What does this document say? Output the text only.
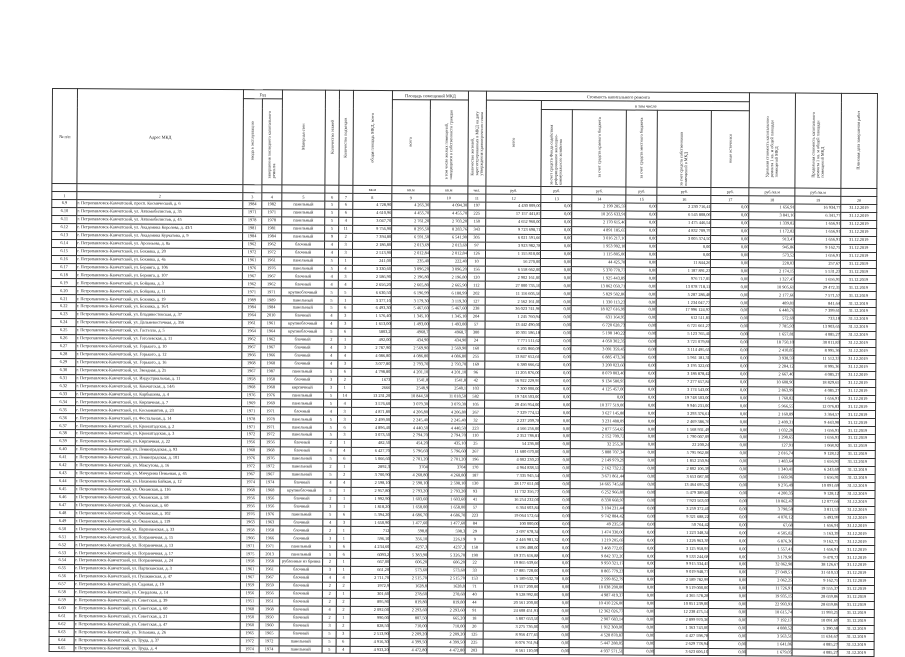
№ п/п	Адрес МКД	Год		Материал стен	Количество этажей	Количество подъездов	общая площадь МКД, всего	Площадь помещений МКД		Количество жителей, зарегистрированных в МКД на дату утверждения краткосрочного плана	Стоимость капитального ремонта						Удельная стоимость капитального ремонта 1 кв. м общей площади помещений МКД	Предельная стоимость капитального ремонта 1 кв. м общей площади помещений МКД	Плановая дата завершения работ
		ввода в эксплуатацию	завершения последнего капитального ремонта					всего	в том числе жилых помещений, находящихся в собственности граждан		всего	в том числе							
												за счет средств Фонда содействия реформированию жилищно-коммунального хозяйства	за счет средств краевого бюджета	за счет средств местного бюджета	за счет средств собственников помещений в МКД	иные источники			
							кв.м	кв.м	кв.м	чел.	руб.	руб.	руб.	руб.	руб.	руб.	руб./кв.м	руб./кв.м	
1	2	3	4	5	6	7	8	9	10	11	12	13	14	15	16	17	18	19	20
6.9	г. Петропавловск-Камчатский, просп. Космический, д. 6	1984	1982	панельный	5	6	4 728,90	4 265,30	4 094,30	197	4 430 009,00	0,00	2 199 285,59	0,00	2 230 716,41	0,00	1 656,91	16 934,77	31.12.2019
6.10	г. Петропавловск-Камчатский, ул. Автомобилистов, д. 35	1971	1971	панельный	5	6	4 610,96	4 455,70	4 455,70	225	17 157 441,87	0,00	10 265 633,91	0,00	6 545 808,06	0,00	3 841,16	6 341,77	31.12.2019
6.11	г. Петропавловск-Камчатский, ул. Автомобилистов, д. 45	1978	1978	панельный	5	4	3 047,70	2 761,20	2 703,20	150	4 652 960,00	0,00	2 170 615,46	0,00	1 475 446,54	0,00	1 339,82	1 656,91	31.12.2019
6.12	г. Петропавловск-Камчатский, ул. Академика Королева, д. 43/1	1981	1981	панельный	5	11	9 756,90	8 295,50	8 283,76	343	9 723 698,71	0,00	4 891 185,65	0,00	4 832 709,79	0,00	1 172,82	1 656,91	31.12.2019
6.13	г. Петропавловск-Камчатский, ул. Академика Курчатова, д. 9	1984	1984	панельный	9	2	7 394,80	6 591,50	6 541,90	305	6 021 591,66	0,00	3 016 217,16	0,00	3 005 374,50	0,00	913,47	1 656,91	31.12.2019
6.14	г. Петропавловск-Камчатский, ул. Арсеньева, д. 8а	1962	1962	блочный	4	3	2 186,80	2 013,69	2 013,69	97	3 923 982,78	0,00	1 953 992,18	0,00	0,00	0,00	945,86	9 162,75	31.12.2019
6.15	г. Петропавловск-Камчатский, ул. Бохняка, д. 20	1972	1972	блочный	4	3	2 513,90	2 012,84	2 012,84	126	1 155 810,00	0,00	1 115 805,00	0,00	0,00	0,00	573,52	1 656,91	31.12.2019
6.16	г. Петропавловск-Камчатский, ул. Бохняка, д. 4а	1961	1961	панельный	5	1	241,00	235,40	222,40	10	56 270,00	0,00	44 425,78	0,00	11 844,26	0,00	228,03	257,67	31.12.2019
6.17	г. Петропавловск-Камчатский, ул. Беринга, д. 106	1976	1976	панельный	5	4	3 330,60	3 096,20	3 096,20	156	6 558 662,00	0,00	5 370 770,77	0,00	1 187 891,23	0,00	2 174,15	5 531,23	31.12.2019
6.18	г. Петропавловск-Камчатский, ул. Беринга, д. 107	1967	1967	блочный	4	3	2 586,90	2 196,80	2 196,80	120	2 902 161,00	0,00	1 925 443,89	0,00	976 717,05	0,00	1 327,47	1 656,91	31.12.2019
6.19	г. Петропавловск-Камчатский, ул. Бойцова, д. 3	1962	1962	блочный	4	4	2 656,20	2 665,80	2 665,90	112	27 000 735,10	0,00	13 862 050,71	0,00	13 078 718,11	0,00	10 905,61	29 472,31	31.12.2019
6.20	г. Петропавловск-Камчатский, ул. Бойцова, д. 11	1971	1971	крупноблочный	5	5	6 630,50	6 196,99	6 188,99	202	11 116 605,56	0,00	5 829 582,86	0,00	5 287 286,48	0,00	2 177,66	7 571,57	31.12.2019
6.21	г. Петропавловск-Камчатский, ул. Бохняка, д. 19	1989	1989	панельный	5	1	3 377,10	3 179,30	3 119,30	127	2 562 161,00	0,00	1 330 113,23	0,00	1 234 047,77	0,00	489,81	841,64	31.12.2019
6.22	г. Петропавловск-Камчатский, ул. Бохняка, д. 16/1	1984	1984	панельный	5	6	6 493,30	5 467,60	5 467,60	238	36 023 741,96	0,00	18 027 616,99	0,00	17 996 124,97	0,00	6 448,76	7 399,61	31.12.2019
6.23	г. Петропавловск-Камчатский, ул. Владивостокская, д. 37	1964	2010	блочный	4	3	1 576,40	1 345,10	1 345,10	204	1 245 760,94	0,00	631 164,95	0,00	612 511,81	0,00	572,69	733,18	31.12.2019
6.24	г. Петропавловск-Камчатский, ул. Дальневосточная, д. 356	1961	1961	крупноблочный	4	3	1 613,00	1 493,00	1 493,00	57	13 442 490,00	0,00	6 720 628,73	0,00	6 721 661,27	0,00	7 785,93	13 903,65	31.12.2019
6.25	г. Петропавловск-Камчатский, ул. Гастелло, д. 5	1964	1964	крупноблочный	5	6	5803,2	4968,7	4968,7	300	10 301 586,18	0,00	5 198 140,22	0,00	5 123 765,41	0,00	1 657,81	4 085,27	31.12.2019
6.26	г. Петропавловск-Камчатский, ул. Гоголевская, д. 11	1962	1962	блочный	2	1	492,00	434,90	434,90	24	7 771 511,62	0,00	4 050 302,35	0,00	3 721 079,86	0,00	18 750,10	30 011,83	31.12.2019
6.27	г. Петропавловск-Камчатский, ул. Горького, д. 10	1967	1967	блочный	4	3	2 787,90	2 569,90	2 569,90	160	6 205 860,09	0,00	3 091 359,45	0,00	3 114 495,65	0,00	2 410,85	8 995,36	31.12.2019
6.28	г. Петропавловск-Камчатский, ул. Горького, д. 12	1966	1966	блочный	4	4	4 086,80	4 086,80	4 086,80	255	13 847 652,66	0,00	6 885 473,36	0,00	5 961 181,31	0,00	3 938,59	11 512,33	31.12.2019
6.29	г. Петропавловск-Камчатский, ул. Горького, д. 16	1968	1968	блочный	4	3	3 077,80	2 793,70	2 793,70	169	6 380 666,62	0,00	3 200 023,60	0,00	3 195 322,60	0,00	2 284,12	8 995,36	31.12.2019
6.30	г. Петропавловск-Камчатский, ул. Звездная, д. 25	1967	1987	панельный	5	6	4 798,80	4 201,10	4 201,10	96	11 205 876,00	0,00	8 079 803,40	0,00	3 186 878,42	0,00	2 667,40	4 085,27	31.12.2019
6.31	г. Петропавловск-Камчатский, ул. Индустриальная, д. 11	1958	1958	блочный	3	2	1673	1541,8	1541,8	42	16 922 229,95	0,00	9 134 580,95	0,00	7 277 657,84	0,00	10 608,90	18 829,65	31.12.2019
6.32	г. Петропавловск-Камчатский, ул. Камчатская, д. 14/6	1968	1968	кирпичный	3	1	2666	2548,9	2548,1	103	7 300 000,00	0,00	4 125 457,00	0,00	3 174 543,00	0,00	2 863,99	4 085,27	31.12.2019
6.33	г. Петропавловск-Камчатский, ул. Карбышева, д. 4	1976	1976	панельный	5	14	13 231,20	10 844,50	11 018,50	582	19 748 503,00	0,00	0,00	0,00	19 748 503,00	0,00	1 760,82	1 656,91	31.12.2019
6.34	г. Петропавловск-Камчатский, ул. Кирпичная, д. 7	1969	1969	панельный	5	4	3 576,60	3 079,30	3 079,30	105	20 456 954,00	0,00	10 377 519,00	0,00	9 946 231,00	0,00	5 966,55	12 076,83	31.12.2019
6.35	г. Петропавловск-Камчатский, ул. Космонавтов, д. 23	1971	1971	блочный	4	3	4 871,80	4 206,80	4 206,80	267	7 329 774,52	0,00	3 627 145,88	0,00	3 293 376,61	0,00	2 160,89	3 364,57	31.12.2019
6.36	г. Петропавловск-Камчатский, ул. Фестальная, д. 14	1978	1978	панельный	5	3	2 499,00	2 245,40	2 245,40	32	2 237 209,78	0,00	3 231 488,09	0,00	2 469 386,76	0,00	2 409,31	9 443,98	31.12.2019
6.37	г. Петропавловск-Камчатский, ул. Кронштадская, д. 2	1971	1971	панельный	5	6	4 896,40	4 440,50	4 440,50	223	4 566 256,00	0,00	2 877 554,65	0,00	1 568 931,49	0,00	1 032,28	1 656,91	31.12.2019
6.38	г. Петропавловск-Камчатский, ул. Кронштадская, д. 3	1972	1972	панельный	5	3	3 073,50	2 794,70	2 794,70	110	2 352 786,81	0,00	2 152 709,72	0,00	1 790 007,09	0,00	1 298,65	1 656,91	31.12.2019
6.39	г. Петропавловск-Камчатский, ул. Кирпичная, д. 22	1956	1956	блочный	2	1	482,50	454,20	435,10	25	54 236,00	0,00	32 255,30	0,00	22 200,24	0,00	127,91	1 068,92	31.12.2019
6.40	г. Петропавловск-Камчатский, ул. Ленинградская, д. 93	1968	1968	блочный	4	4	6 427,70	5 796,60	5 796,60	267	11 680 670,00	0,00	5 888 707,34	0,00	5 795 962,06	0,00	2 016,74	9 128,12	31.12.2019
6.41	г. Петропавловск-Камчатский, ул. Ленинградская, д. 101	1976	1976	панельный	5	6	5 066,60	2 701,20	2 701,20	196	4 002 230,23	0,00	2 149 979,29	0,00	1 852 250,94	0,00	1 483,64	1 656,91	31.12.2019
6.42	г. Петропавловск-Камчатский, ул. Максутова, д. 16	1972	1972	панельный	2	1	2892,3	3704	3704	170	4 964 838,51	0,00	2 162 732,12	0,00	2 802 106,39	0,00	1 340,41	6 243,69	31.12.2019
6.43	г. Петропавловск-Камчатский, ул. Мичурина Пеньевая, д. 45	1967	1967	панельный	5	2	3 700,90	4 268,80	4 268,80	187	7 335 945,54	0,00	3 671 861,44	0,00	3 653 087,00	0,00	1 669,96	1 656,91	31.12.2019
6.44	г. Петропавловск-Камчатский, ул. Нахимова Байкан, д. 12	1974	1974	блочный	4	4	2 598,10	2 598,10	2 598,10	130	28 177 651,00	0,00	14 665 745,68	0,00	13 464 695,32	0,00	9 276,49	10 091,69	31.12.2019
6.45	г. Петропавловск-Камчатский, ул. Океанская, д. 116	1968	1968	крупноблочный	5	1	2 957,80	2 793,20	2 793,20	93	11 732 356,77	0,00	6 252 966,80	0,00	5 479 389,81	0,00	4 200,35	9 128,12	31.12.2019
6.46	г. Петропавловск-Камчатский, ул. Океанская, д. 58	1956	1956	блочный	2	1	1 992,90	1 603,60	1 603,60	41	16 254 232,00	0,00	8 330 668,97	0,00	7 923 563,03	0,00	10 062,47	12 077,66	31.12.2019
6.47	г. Петропавловск-Камчатский, ул. Океанская, д. 60	1956	1956	блочный	3	1	1 818,20	1 658,00	1 658,00	57	6 364 603,84	0,00	3 104 231,44	0,00	3 259 372,40	0,00	3 798,58	3 811,53	31.12.2019
6.48	г. Петропавловск-Камчатский, ул. Океанская, д. 102	1976	1976	панельный	5	6	5 394,20	4 686,70	4 686,70	223	19 064 572,64	0,00	9 742 884,42	0,00	9 321 688,22	0,00	4 070,12	5 493,99	31.12.2019
6.49	г. Петропавловск-Камчатский, ул. Океанская, д. 119	1963	1963	блочный	4	3	1 650,90	1 477,60	1 477,60	84	100 000,00	0,00	49 235,58	0,00	50 764,42	0,00	67,68	1 656,91	31.12.2019
6.50	г. Петропавловск-Камчатский, ул. Партизанская, д. 33	1958	1958	блочный	2	1	712	598,8	598,3	29	2 697 678,34	0,00	1 474 330,00	0,00	1 223 348,34	0,00	4 505,82	5 163,39	31.12.2019
6.51	г. Петропавловск-Камчатский, ул. Пограничная, д. 15	1966	1966	блочный	3	1	596,10	356,10	226,19	9	2 446 981,32	0,00	1 219 205,69	0,00	1 226 963,39	0,00	6 876,36	9 162,75	31.12.2019
6.52	г. Петропавловск-Камчатский, ул. Пограничная, д. 13	1971	1971	панельный	5	6	4 234,60	4237,3	4237,3	158	6 596 488,00	0,00	3 468 772,05	0,00	3 125 958,95	0,00	1 557,41	1 656,91	31.12.2019
6.53	г. Петропавловск-Камчатский, ул. Пограничная, д. 17	1975	2013	панельный	5	6	6093,2	5 383,90	5 326,70	190	19 375 616,88	0,00	9 842 372,20	0,00	9 533 244,68	0,00	3 179,90	9 470,73	31.12.2019
6.54	г. Петропавловск-Камчатский, ул. Пограничная, д. 24	1958	1958	рубленные из бревна	2	1	667,00	606,20	606,20	22	19 865 639,66	0,00	9 950 321,17	0,00	9 915 334,45	0,00	32 062,98	38 126,67	31.12.2019
6.55	г. Петропавловск-Камчатский, ул. Партизанская, д. 3	1961	1961	блочный	3	1	661,20	573,60	573,60	33	17 885 728,00	0,00	8 865 779,23	0,00	9 019 948,77	0,00	27 049,51	31 610,53	31.12.2019
6.56	г. Петропавловск-Камчатский, ул. Пушкинская, д. 47	1967	1967	блочный	4	4	2 711,70	2 515,70	2 515,70	153	5 189 632,78	0,00	2 599 852,79	0,00	2 589 782,99	0,00	2 062,25	9 162,75	31.12.2019
6.57	г. Петропавловск-Камчатский, ул. Садовая, д. 19	1959	1959	блочный	2	2	1972,9	1628,8	1628,8	71	19 557 200,00	0,00	10 038 200,00	0,00	9 519 000,00	0,00	11 726,91	19 555,37	31.12.2019
6.58	г. Петропавловск-Камчатский, ул. Свердлова, д. 14	1956	1956	блочный	2	1	301,60	278,60	278,60	40	9 528 992,00	0,00	4 987 419,37	0,00	4 365 578,28	0,00	19 935,15	28 659,86	31.12.2019
6.59	г. Петропавловск-Камчатский, ул. Советская, д. 39	1951	1951	блочный	2	2	895,90	819,80	819,80	44	20 561 200,00	0,00	10 410 226,00	0,00	10 051 239,00	0,00	22 993,91	28 659,86	31.12.2019
6.60	г. Петропавловск-Камчатский, ул. Советская, д. 60	1968	1968	блочный	4	2	2 092,00	2 293,60	2 293,60	91	24 608 451,91	0,00	12 362 026,77	0,00	12 238 475,14	0,00	10 615,74	11 993,25	31.12.2019
6.61	г. Петропавловск-Камчатский, ул. Советская, д. 21	1950	1950	блочный	2	1	990,00	807,50	665,20	18	5 807 653,50	0,00	2 907 683,14	0,00	2 899 970,36	0,00	7 192,17	10 091,69	31.12.2019
6.62	г. Петропавловск-Камчатский, ул. Советская, д. 47	1960	1960	блочный	3	2	828,50	710,00	710,00	20	3 275 736,00	0,00	1 912 300,00	0,00	1 363 743,00	0,00	4 088,52	5 390,58	31.12.2019
6.63	г. Петропавловск-Камчатский, ул. Тельмана, д. 26	1965	1965	блочный	5	3	2 513,90	2 209,20	2 209,20	125	8 956 477,65	0,00	4 528 878,87	0,00	4 427 598,78	0,00	3 563,51	11 634,67	31.12.2019
6.64	г. Петропавловск-Камчатский, ул. Труда, д. 37	1972	1972	панельный	5	6	4 916,30	4 399,50	4 399,50	225	8 076 761,94	0,00	5 447 288,05	0,00	2 629 778,94	0,00	1 641,06	4 085,27	31.12.2019
6.65	г. Петропавловск-Камчатский, ул. Труда, д. 4	1974	1974	панельный	5	4	4 933,20	4 472,80	4 472,80	203	8 561 110,09	0,00	4 937 571,51	0,00	3 623 606,10	0,00	1 679,05	4 085,27	31.12.2019
